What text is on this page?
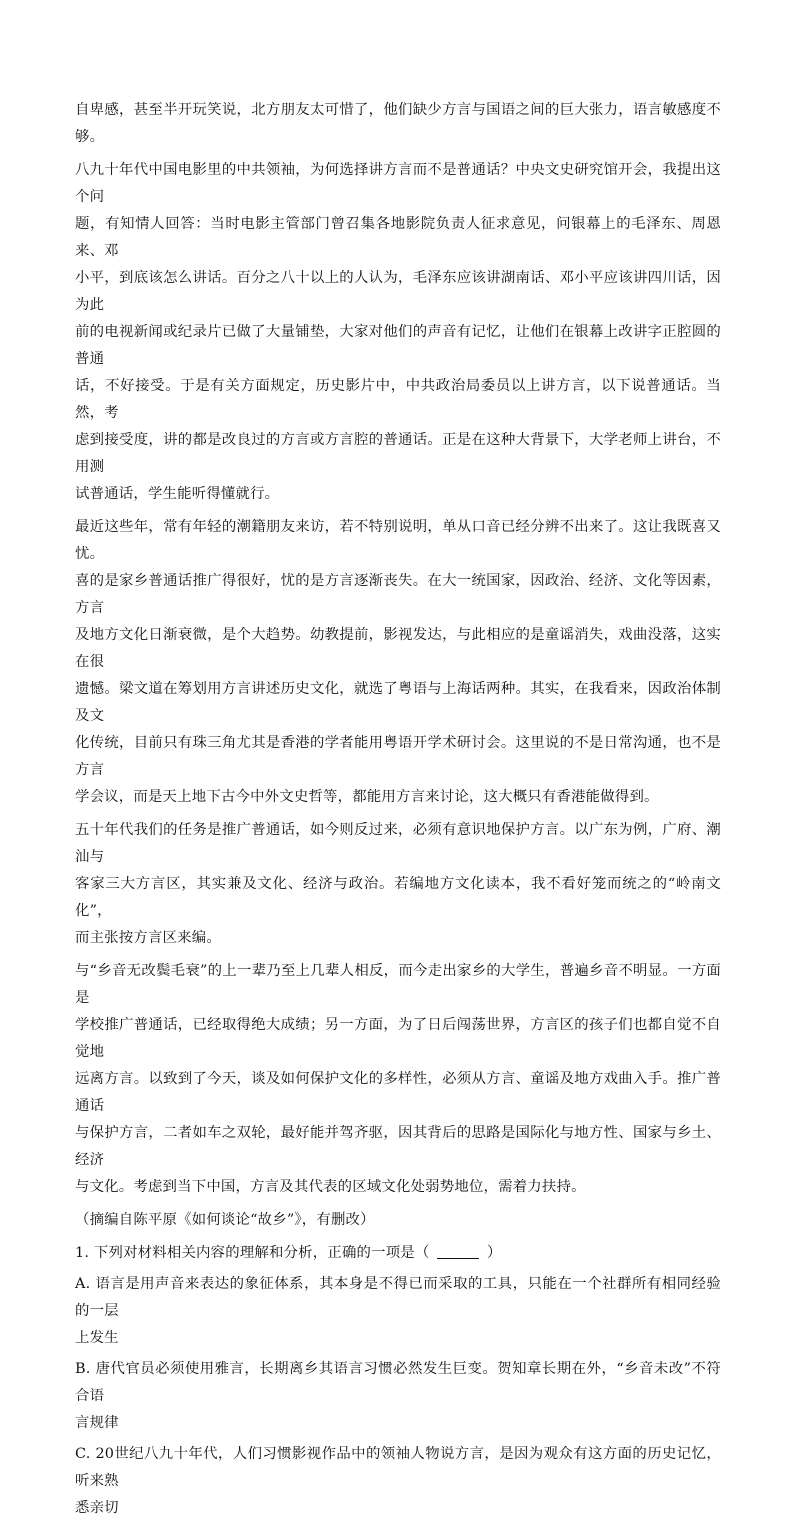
自卑感，甚至半开玩笑说，北方朋友太可惜了，他们缺少方言与国语之间的巨大张力，语言敏感度不够。

八九十年代中国电影里的中共领袖，为何选择讲方言而不是普通话？中央文史研究馆开会，我提出这个问
题，有知情人回答：当时电影主管部门曾召集各地影院负责人征求意见，问银幕上的毛泽东、周恩来、邓
小平，到底该怎么讲话。百分之八十以上的人认为，毛泽东应该讲湖南话、邓小平应该讲四川话，因为此
前的电视新闻或纪录片已做了大量铺垫，大家对他们的声音有记忆，让他们在银幕上改讲字正腔圆的普通
话，不好接受。于是有关方面规定，历史影片中，中共政治局委员以上讲方言，以下说普通话。当然，考
虑到接受度，讲的都是改良过的方言或方言腔的普通话。正是在这种大背景下，大学老师上讲台，不用测
试普通话，学生能听得懂就行。

最近这些年，常有年轻的潮籍朋友来访，若不特别说明，单从口音已经分辨不出来了。这让我既喜又忧。
喜的是家乡普通话推广得很好，忧的是方言逐渐丧失。在大一统国家，因政治、经济、文化等因素，方言
及地方文化日渐衰微，是个大趋势。幼教提前，影视发达，与此相应的是童谣消失，戏曲没落，这实在很
遗憾。梁文道在筹划用方言讲述历史文化，就选了粤语与上海话两种。其实，在我看来，因政治体制及文
化传统，目前只有珠三角尤其是香港的学者能用粤语开学术研讨会。这里说的不是日常沟通，也不是方言
学会议，而是天上地下古今中外文史哲等，都能用方言来讨论，这大概只有香港能做得到。

五十年代我们的任务是推广普通话，如今则反过来，必须有意识地保护方言。以广东为例，广府、潮汕与
客家三大方言区，其实兼及文化、经济与政治。若编地方文化读本，我不看好笼而统之的“岭南文化”，
而主张按方言区来编。

与“乡音无改鬓毛衰”的上一辈乃至上几辈人相反，而今走出家乡的大学生，普遍乡音不明显。一方面是
学校推广普通话，已经取得绝大成绩；另一方面，为了日后闯荡世界，方言区的孩子们也都自觉不自觉地
远离方言。以致到了今天，谈及如何保护文化的多样性，必须从方言、童谣及地方戏曲入手。推广普通话
与保护方言，二者如车之双轮，最好能并驾齐驱，因其背后的思路是国际化与地方性、国家与乡土、经济
与文化。考虑到当下中国，方言及其代表的区域文化处弱势地位，需着力扶持。

（摘编自陈平原《如何谈论“故乡”》，有删改）

1. 下列对材料相关内容的理解和分析，正确的一项是（	）

A. 语言是用声音来表达的象征体系，其本身是不得已而采取的工具，只能在一个社群所有相同经验的一层
上发生

B. 唐代官员必须使用雅言，长期离乡其语言习惯必然发生巨变。贺知章长期在外，“乡音未改”不符合语
言规律

C. 20世纪八九十年代，人们习惯影视作品中的领袖人物说方言，是因为观众有这方面的历史记忆，听来熟
悉亲切
